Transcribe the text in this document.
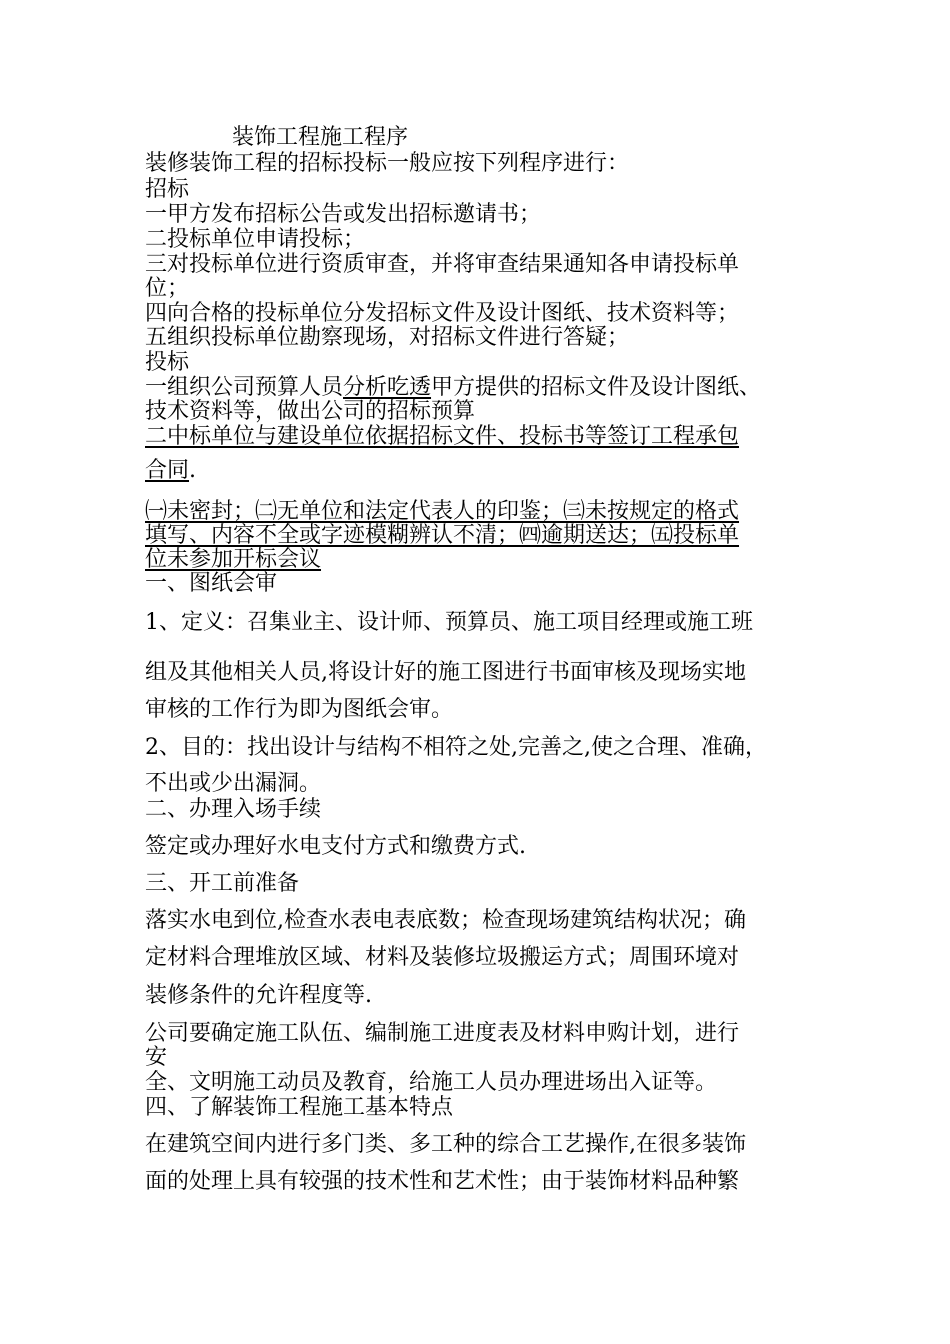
装饰工程施工程序
装修装饰工程的招标投标一般应按下列程序进行：
招标
一甲方发布招标公告或发出招标邀请书；
二投标单位申请投标；
三对投标单位进行资质审查，并将审查结果通知各申请投标单
位；
四向合格的投标单位分发招标文件及设计图纸、技术资料等；
五组织投标单位勘察现场，对招标文件进行答疑；
投标
一组织公司预算人员分析吃透甲方提供的招标文件及设计图纸、
技术资料等，做出公司的招标预算
二中标单位与建设单位依据招标文件、投标书等签订工程承包
合同.
㈠未密封；㈡无单位和法定代表人的印鉴；㈢未按规定的格式
填写、内容不全或字迹模糊辨认不清；㈣逾期送达；㈤投标单
位未参加开标会议
一、图纸会审
1、定义：召集业主、设计师、预算员、施工项目经理或施工班
组及其他相关人员,将设计好的施工图进行书面审核及现场实地
审核的工作行为即为图纸会审。
2、目的：找出设计与结构不相符之处,完善之,使之合理、准确，
不出或少出漏洞。
二、办理入场手续
签定或办理好水电支付方式和缴费方式.
三、开工前准备
落实水电到位,检查水表电表底数；检查现场建筑结构状况；确
定材料合理堆放区域、材料及装修垃圾搬运方式；周围环境对
装修条件的允许程度等.
公司要确定施工队伍、编制施工进度表及材料申购计划，进行
安
全、文明施工动员及教育，给施工人员办理进场出入证等。
四、了解装饰工程施工基本特点
在建筑空间内进行多门类、多工种的综合工艺操作,在很多装饰
面的处理上具有较强的技术性和艺术性；由于装饰材料品种繁
